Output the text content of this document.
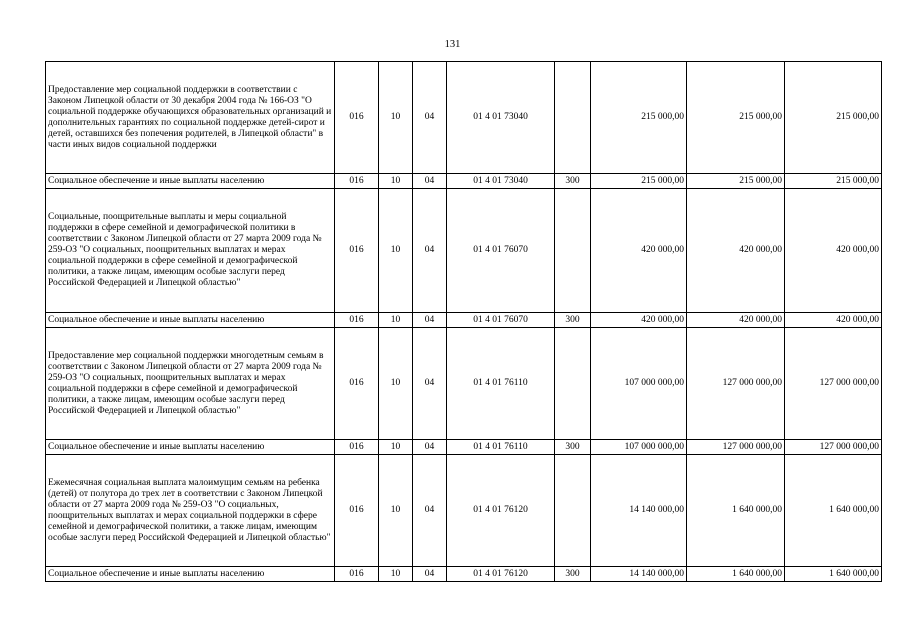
131
Предоставление мер социальной поддержки в соответствии с Законом Липецкой области от 30 декабря 2004 года № 166-ОЗ "О социальной поддержке обучающихся образовательных организаций и дополнительных гарантиях по социальной поддержке детей-сирот и детей, оставшихся без попечения родителей, в Липецкой области" в части иных видов социальной поддержки	016	10	04	01 4 01 73040		215 000,00	215 000,00	215 000,00
Социальное обеспечение и иные выплаты населению	016	10	04	01 4 01 73040	300	215 000,00	215 000,00	215 000,00
Социальные, поощрительные выплаты и меры социальной поддержки в сфере семейной и демографической политики в соответствии с Законом Липецкой области от 27 марта 2009 года № 259-ОЗ "О социальных, поощрительных выплатах и мерах социальной поддержки в сфере семейной и демографической политики, а также лицам, имеющим особые заслуги перед Российской Федерацией и Липецкой областью"	016	10	04	01 4 01 76070		420 000,00	420 000,00	420 000,00
Социальное обеспечение и иные выплаты населению	016	10	04	01 4 01 76070	300	420 000,00	420 000,00	420 000,00
Предоставление мер социальной поддержки многодетным семьям в соответствии с Законом Липецкой области от 27 марта 2009 года № 259-ОЗ "О социальных, поощрительных выплатах и мерах социальной поддержки в сфере семейной и демографической политики, а также лицам, имеющим особые заслуги перед Российской Федерацией и Липецкой областью"	016	10	04	01 4 01 76110		107 000 000,00	127 000 000,00	127 000 000,00
Социальное обеспечение и иные выплаты населению	016	10	04	01 4 01 76110	300	107 000 000,00	127 000 000,00	127 000 000,00
Ежемесячная социальная выплата малоимущим семьям на ребенка (детей) от полутора до трех лет в соответствии с Законом Липецкой области от 27 марта 2009 года № 259-ОЗ "О социальных, поощрительных выплатах и мерах социальной поддержки в сфере семейной и демографической политики, а также лицам, имеющим особые заслуги перед Российской Федерацией и Липецкой областью"	016	10	04	01 4 01 76120		14 140 000,00	1 640 000,00	1 640 000,00
Социальное обеспечение и иные выплаты населению	016	10	04	01 4 01 76120	300	14 140 000,00	1 640 000,00	1 640 000,00
